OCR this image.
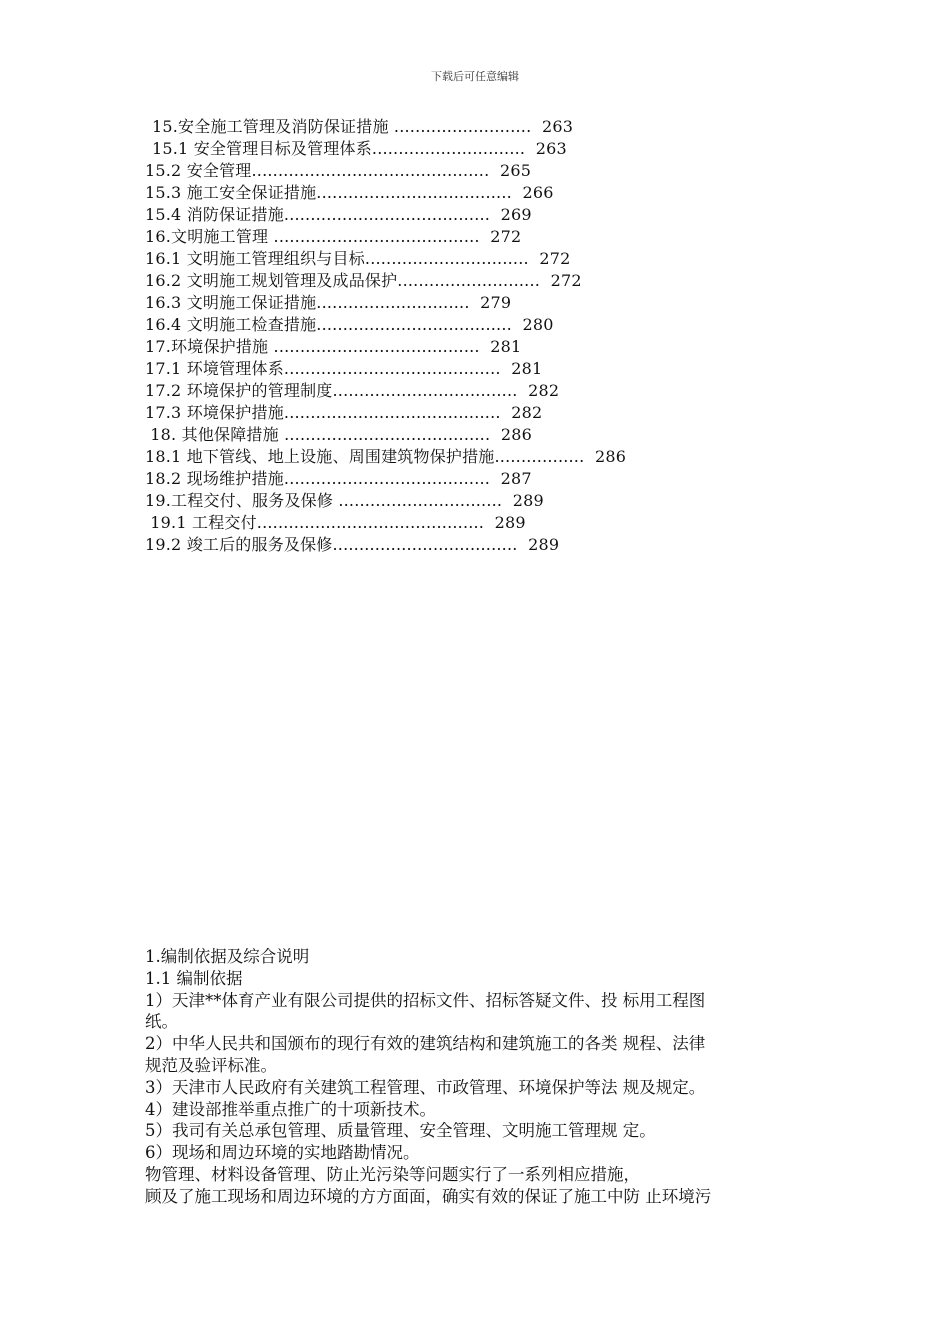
下载后可任意编辑
15.安全施工管理及消防保证措施 ..........................  263
15.1 安全管理目标及管理体系.............................  263
15.2 安全管理.............................................  265
15.3 施工安全保证措施.....................................  266
15.4 消防保证措施.......................................  269
16.文明施工管理 .......................................  272
16.1 文明施工管理组织与目标...............................  272
16.2 文明施工规划管理及成品保护...........................  272
16.3 文明施工保证措施.............................  279
16.4 文明施工检查措施.....................................  280
17.环境保护措施 .......................................  281
17.1 环境管理体系.........................................  281
17.2 环境保护的管理制度...................................  282
17.3 环境保护措施.........................................  282
18. 其他保障措施 .......................................  286
18.1 地下管线、地上设施、周围建筑物保护措施.................  286
18.2 现场维护措施.......................................  287
19.工程交付、服务及保修 ...............................  289
19.1 工程交付...........................................  289
19.2 竣工后的服务及保修...................................  289
1.编制依据及综合说明
1.1 编制依据
1）天津**体育产业有限公司提供的招标文件、招标答疑文件、投 标用工程图
纸。
2）中华人民共和国颁布的现行有效的建筑结构和建筑施工的各类 规程、法律
规范及验评标准。
3）天津市人民政府有关建筑工程管理、市政管理、环境保护等法 规及规定。
4）建设部推举重点推广的十项新技术。
5）我司有关总承包管理、质量管理、安全管理、文明施工管理规 定。
6）现场和周边环境的实地踏勘情况。
物管理、材料设备管理、防止光污染等问题实行了一系列相应措施，
顾及了施工现场和周边环境的方方面面，确实有效的保证了施工中防 止环境污
